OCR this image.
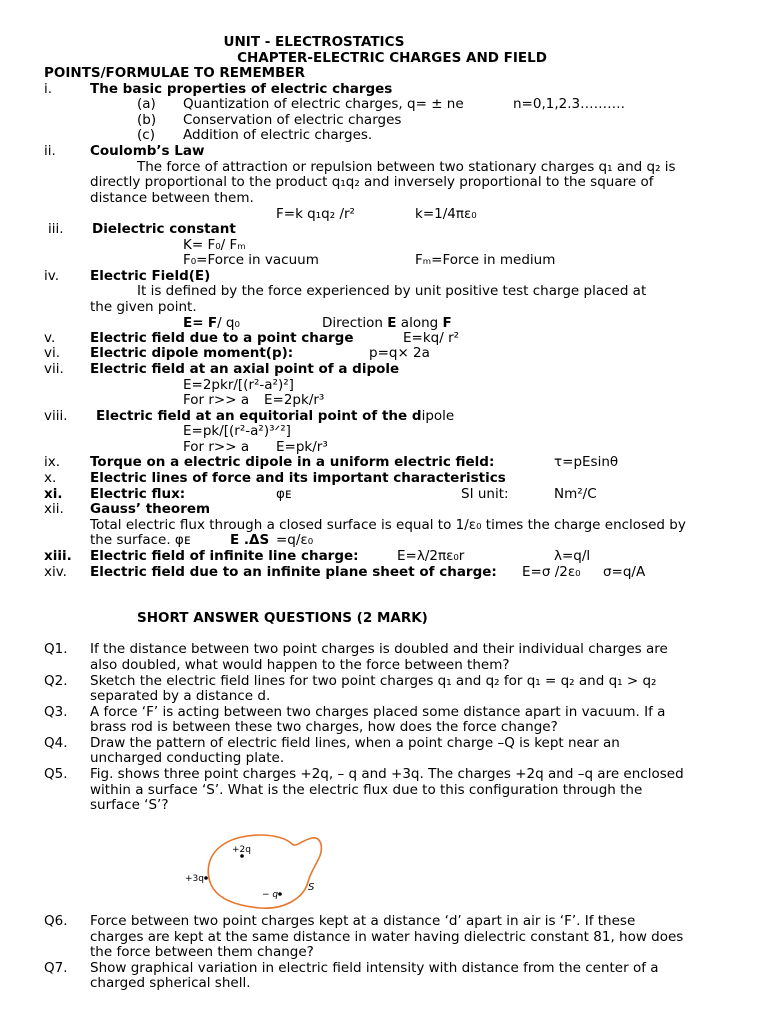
UNIT - ELECTROSTATICS
CHAPTER-ELECTRIC CHARGES AND FIELD
POINTS/FORMULAE TO REMEMBER
i.	The basic properties of electric charges
(a) Quantization of electric charges, q= ± ne	n=0,1,2.3……….
(b) Conservation of electric charges
(c) Addition of electric charges.
ii.	Coulomb’s Law
The force of attraction or repulsion between two stationary charges q₁ and q₂ is
directly proportional to the product q₁q₂ and inversely proportional to the square of
distance between them.
F=k q₁q₂ /r²	k=1/4πε₀
iii. Dielectric constant
K= F₀/ Fₘ
F₀=Force in vacuum	Fₘ=Force in medium
iv. Electric Field(E)
It is defined by the force experienced by unit positive test charge placed at
the given point.
E= F/ q₀	Direction E along F
v.	Electric field due to a point charge	E=kq/ r²
vi. Electric dipole moment(p):	p=q× 2a
vii. Electric field at an axial point of a dipole
E=2pkr/[(r²-a²)²]
For r>> a E=2pk/r³
viii. Electric field at an equitorial point of the dipole
E=pk/[(r²-a²)³ᐟ²]
For r>> a E=pk/r³
ix. Torque on a electric dipole in a uniform electric field:	τ=pEsinθ
x. Electric lines of force and its important characteristics
xi. Electric flux:	φᴇ	SI unit:	Nm²/C
xii. Gauss’ theorem
Total electric flux through a closed surface is equal to 1/ε₀ times the charge enclosed by
the surface. φᴇ	E .ΔS =q/ε₀
xiii. Electric field of infinite line charge:	E=λ/2πε₀r	λ=q/l
xiv. Electric field due to an infinite plane sheet of charge: E=σ /2ε₀ σ=q/A
SHORT ANSWER QUESTIONS (2 MARK)
Q1. If the distance between two point charges is doubled and their individual charges are
also doubled, what would happen to the force between them?
Q2. Sketch the electric field lines for two point charges q₁ and q₂ for q₁ = q₂ and q₁ > q₂
separated by a distance d.
Q3. A force ‘F’ is acting between two charges placed some distance apart in vacuum. If a
brass rod is between these two charges, how does the force change?
Q4. Draw the pattern of electric field lines, when a point charge –Q is kept near an
uncharged conducting plate.
Q5. Fig. shows three point charges +2q, – q and +3q. The charges +2q and –q are enclosed
within a surface ‘S’. What is the electric flux due to this configuration through the
surface ‘S’?
+2q
+3q
− q
S
Q6. Force between two point charges kept at a distance ‘d’ apart in air is ‘F’. If these
charges are kept at the same distance in water having dielectric constant 81, how does
the force between them change?
Q7. Show graphical variation in electric field intensity with distance from the center of a
charged spherical shell.
